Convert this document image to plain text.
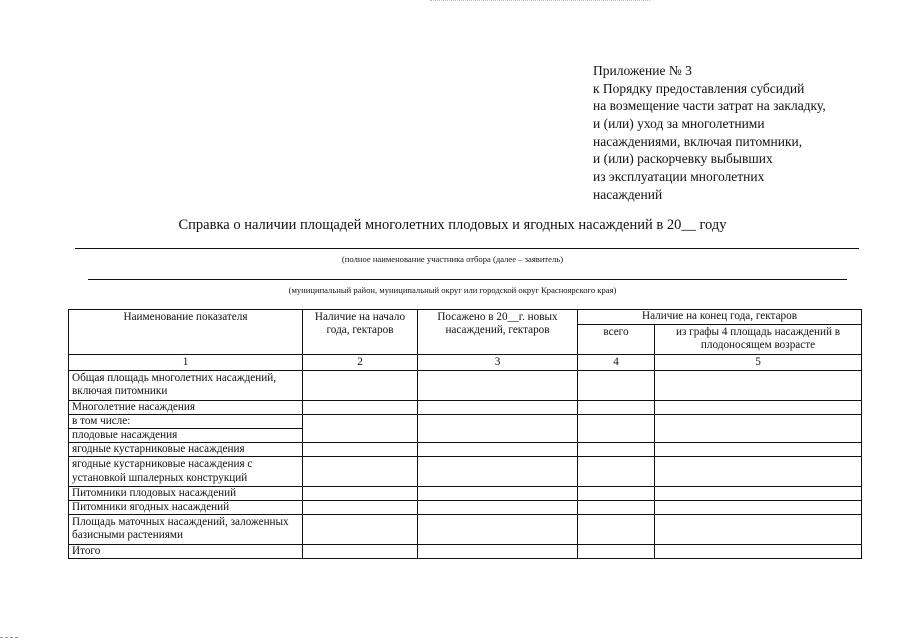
Приложение № 3
к Порядку предоставления субсидий
на возмещение части затрат на закладку,
и (или) уход за многолетними
насаждениями, включая питомники,
и (или) раскорчевку выбывших
из эксплуатации многолетних
насаждений
Справка о наличии площадей многолетних плодовых и ягодных насаждений в 20__ году
(полное наименование участника отбора (далее – заявитель)
(муниципальный район, муниципальный округ или городской округ Красноярского края)
Наименование показателя	Наличие на начало года, гектаров	Посажено в 20__г. новых насаждений, гектаров	Наличие на конец года, гектаров	
			всего	из графы 4 площадь насаждений в плодоносящем возрасте
1	2	3	4	5
Общая площадь многолетних насаждений, включая питомники				
Многолетние насаждения				
в том числе:				
плодовые насаждения				
ягодные кустарниковые насаждения				
ягодные кустарниковые насаждения с установкой шпалерных конструкций				
Питомники плодовых насаждений				
Питомники ягодных насаждений				
Площадь маточных насаждений, заложенных базисными растениями				
Итого				
